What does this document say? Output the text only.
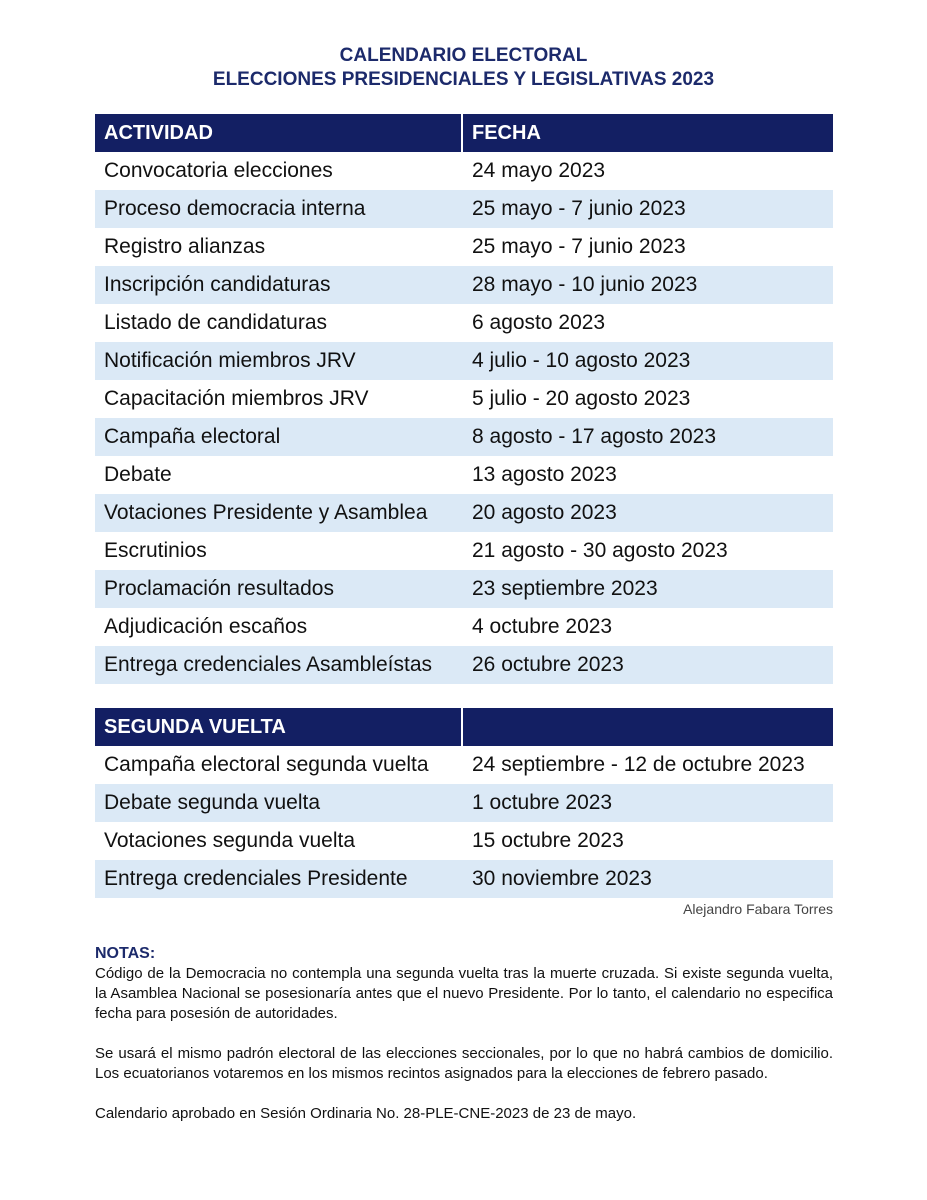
CALENDARIO ELECTORAL
ELECCIONES PRESIDENCIALES Y LEGISLATIVAS 2023
ACTIVIDAD	FECHA
Convocatoria elecciones	24 mayo 2023
Proceso democracia interna	25 mayo - 7 junio 2023
Registro alianzas	25 mayo - 7 junio 2023
Inscripción candidaturas	28 mayo - 10 junio 2023
Listado de candidaturas	6 agosto 2023
Notificación miembros JRV	4 julio - 10 agosto 2023
Capacitación miembros JRV	5 julio - 20 agosto 2023
Campaña electoral	8 agosto - 17 agosto 2023
Debate	13 agosto 2023
Votaciones Presidente y Asamblea	20 agosto 2023
Escrutinios	21 agosto - 30 agosto 2023
Proclamación resultados	23 septiembre 2023
Adjudicación escaños	4 octubre 2023
Entrega credenciales Asambleístas	26 octubre 2023
SEGUNDA VUELTA
Campaña electoral segunda vuelta	24 septiembre - 12 de octubre 2023
Debate segunda vuelta	1 octubre 2023
Votaciones segunda vuelta	15 octubre 2023
Entrega credenciales Presidente	30 noviembre 2023
Alejandro Fabara Torres
NOTAS:

Código de la Democracia no contempla una segunda vuelta tras la muerte cruzada. Si existe segunda vuelta, la Asamblea Nacional se posesionaría antes que el nuevo Presidente. Por lo tanto, el calendario no especifica fecha para posesión de autoridades.

Se usará el mismo padrón electoral de las elecciones seccionales, por lo que no habrá cambios de domicilio. Los ecuatorianos votaremos en los mismos recintos asignados para la elecciones de febrero pasado.

Calendario aprobado en Sesión Ordinaria No. 28-PLE-CNE-2023 de 23 de mayo.
